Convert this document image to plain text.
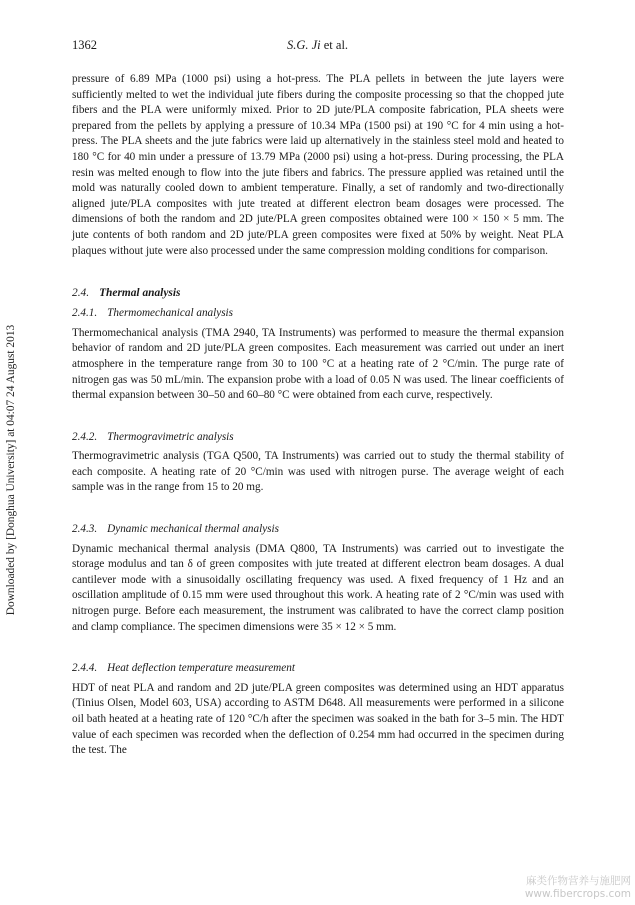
Downloaded by [Donghua University] at 04:07 24 August 2013
1362	S.G. Ji et al.

pressure of 6.89 MPa (1000 psi) using a hot-press. The PLA pellets in between the jute layers were sufficiently melted to wet the individual jute fibers during the composite processing so that the chopped jute fibers and the PLA were uniformly mixed. Prior to 2D jute/PLA composite fabrication, PLA sheets were prepared from the pellets by applying a pressure of 10.34 MPa (1500 psi) at 190 °C for 4 min using a hot-press. The PLA sheets and the jute fabrics were laid up alternatively in the stainless steel mold and heated to 180 °C for 40 min under a pressure of 13.79 MPa (2000 psi) using a hot-press. During processing, the PLA resin was melted enough to flow into the jute fibers and fabrics. The pressure applied was retained until the mold was naturally cooled down to ambient temperature. Finally, a set of randomly and two-directionally aligned jute/PLA composites with jute treated at different electron beam dosages were processed. The dimensions of both the random and 2D jute/PLA green composites obtained were 100 × 150 × 5 mm. The jute contents of both random and 2D jute/PLA green composites were fixed at 50% by weight. Neat PLA plaques without jute were also processed under the same compression molding conditions for comparison.

2.4. Thermal analysis
2.4.1. Thermomechanical analysis

Thermomechanical analysis (TMA 2940, TA Instruments) was performed to measure the thermal expansion behavior of random and 2D jute/PLA green composites. Each measurement was carried out under an inert atmosphere in the temperature range from 30 to 100 °C at a heating rate of 2 °C/min. The purge rate of nitrogen gas was 50 mL/min. The expansion probe with a load of 0.05 N was used. The linear coefficients of thermal expansion between 30–50 and 60–80 °C were obtained from each curve, respectively.

2.4.2. Thermogravimetric analysis

Thermogravimetric analysis (TGA Q500, TA Instruments) was carried out to study the thermal stability of each composite. A heating rate of 20 °C/min was used with nitrogen purse. The average weight of each sample was in the range from 15 to 20 mg.

2.4.3. Dynamic mechanical thermal analysis

Dynamic mechanical thermal analysis (DMA Q800, TA Instruments) was carried out to investigate the storage modulus and tan δ of green composites with jute treated at different electron beam dosages. A dual cantilever mode with a sinusoidally oscillating frequency was used. A fixed frequency of 1 Hz and an oscillation amplitude of 0.15 mm were used throughout this work. A heating rate of 2 °C/min was used with nitrogen purge. Before each measurement, the instrument was calibrated to have the correct clamp position and clamp compliance. The specimen dimensions were 35 × 12 × 5 mm.

2.4.4. Heat deflection temperature measurement

HDT of neat PLA and random and 2D jute/PLA green composites was determined using an HDT apparatus (Tinius Olsen, Model 603, USA) according to ASTM D648. All measurements were performed in a silicone oil bath heated at a heating rate of 120 °C/h after the specimen was soaked in the bath for 3–5 min. The HDT value of each specimen was recorded when the deflection of 0.254 mm had occurred in the specimen during the test. The

麻类作物营养与施肥网
www.fibercrops.com
